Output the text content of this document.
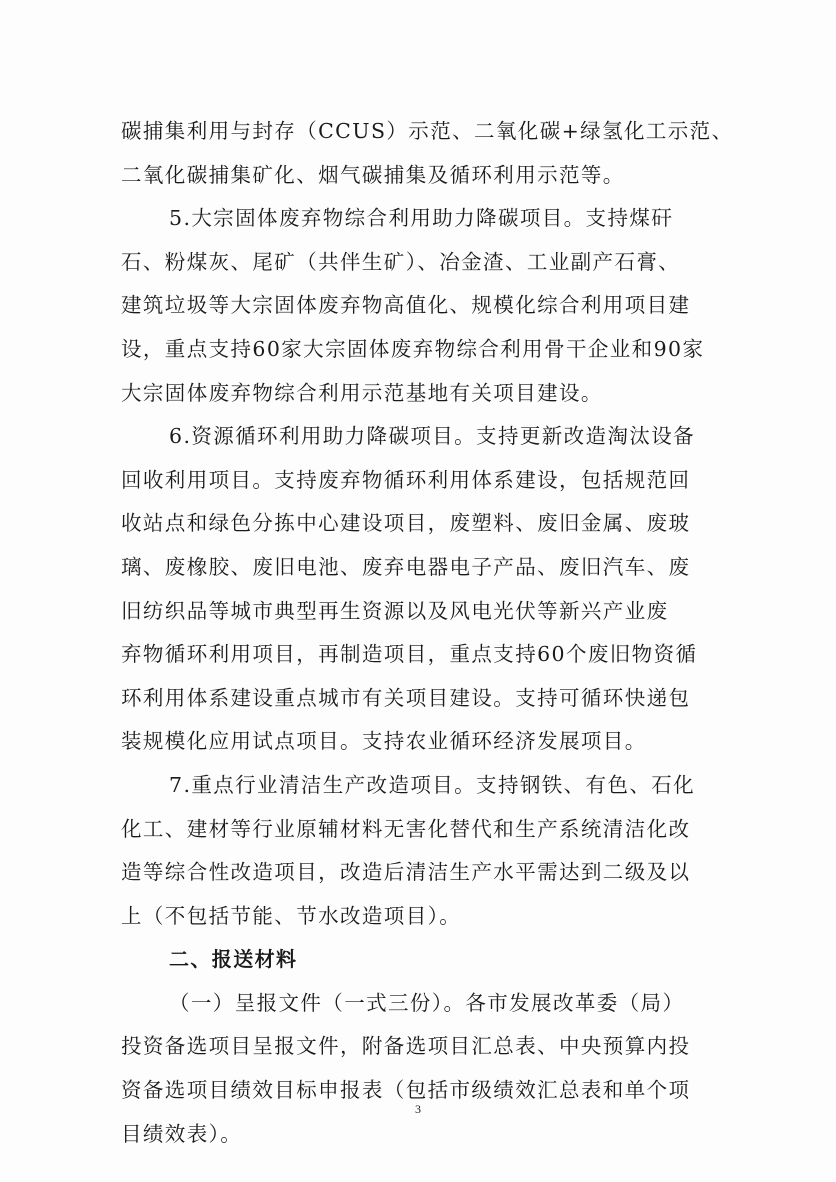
碳捕集利用与封存（CCUS）示范、二氧化碳+绿氢化工示范、
二氧化碳捕集矿化、烟气碳捕集及循环利用示范等。
5.大宗固体废弃物综合利用助力降碳项目。支持煤矸
石、粉煤灰、尾矿（共伴生矿）、冶金渣、工业副产石膏、
建筑垃圾等大宗固体废弃物高值化、规模化综合利用项目建
设，重点支持60家大宗固体废弃物综合利用骨干企业和90家
大宗固体废弃物综合利用示范基地有关项目建设。
6.资源循环利用助力降碳项目。支持更新改造淘汰设备
回收利用项目。支持废弃物循环利用体系建设，包括规范回
收站点和绿色分拣中心建设项目，废塑料、废旧金属、废玻
璃、废橡胶、废旧电池、废弃电器电子产品、废旧汽车、废
旧纺织品等城市典型再生资源以及风电光伏等新兴产业废
弃物循环利用项目，再制造项目，重点支持60个废旧物资循
环利用体系建设重点城市有关项目建设。支持可循环快递包
装规模化应用试点项目。支持农业循环经济发展项目。
7.重点行业清洁生产改造项目。支持钢铁、有色、石化
化工、建材等行业原辅材料无害化替代和生产系统清洁化改
造等综合性改造项目，改造后清洁生产水平需达到二级及以
上（不包括节能、节水改造项目）。
二、报送材料
（一）呈报文件（一式三份）。各市发展改革委（局）
投资备选项目呈报文件，附备选项目汇总表、中央预算内投
资备选项目绩效目标申报表（包括市级绩效汇总表和单个项
目绩效表）。
3
